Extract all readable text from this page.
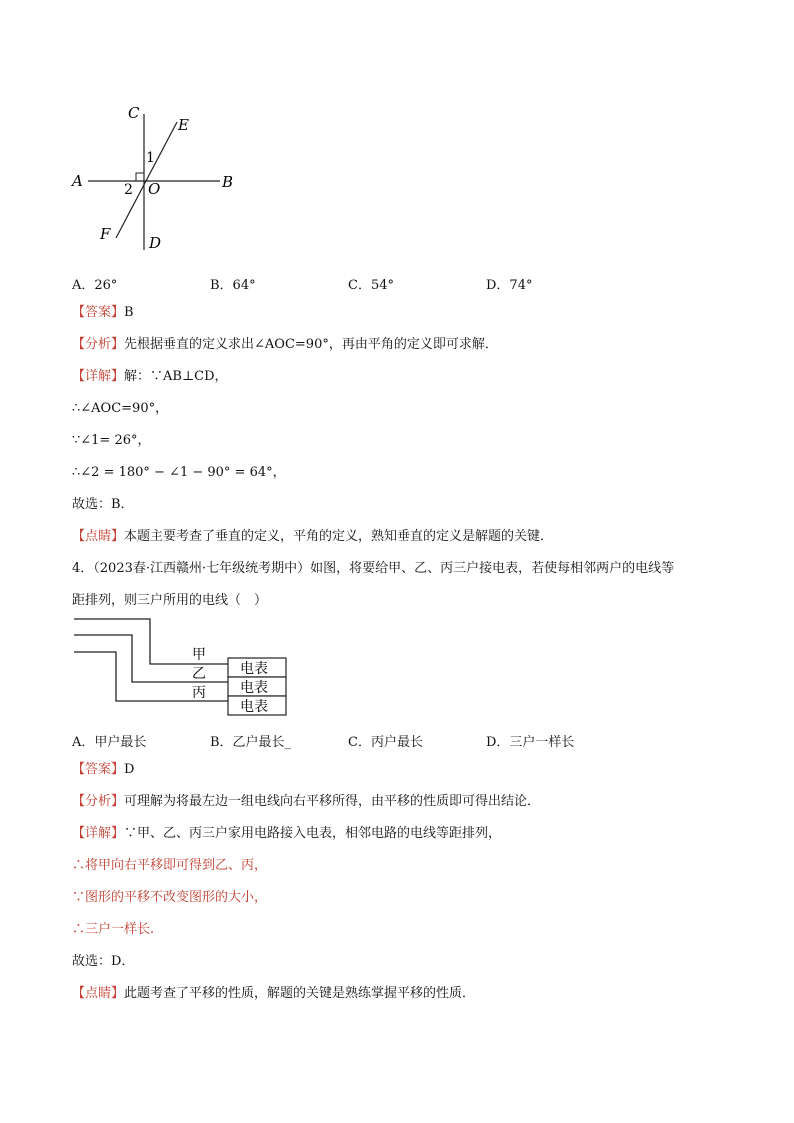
C
E
1
A	B
2 O
F	D
A．26°	B．64°	C．54°	D．74°
【答案】B
【分析】先根据垂直的定义求出∠AOC=90°，再由平角的定义即可求解．
【详解】解：∵AB⊥CD，
∴∠AOC=90°，
∵∠1= 26°，
∴∠2 = 180° − ∠1 − 90° = 64°，
故选：B．
【点睛】本题主要考查了垂直的定义，平角的定义，熟知垂直的定义是解题的关键．
4．（2023春·江西赣州·七年级统考期中）如图，将要给甲、乙、丙三户接电表，若使每相邻两户的电线等
距排列，则三户所用的电线（　）
电表
电表
电表
甲
乙
丙
A．甲户最长	B．乙户最长_	C．丙户最长	D．三户一样长
【答案】D
【分析】可理解为将最左边一组电线向右平移所得，由平移的性质即可得出结论．
【详解】∵甲、乙、丙三户家用电路接入电表，相邻电路的电线等距排列，
∴将甲向右平移即可得到乙、丙，
∵图形的平移不改变图形的大小，
∴三户一样长.
故选：D．
【点睛】此题考查了平移的性质，解题的关键是熟练掌握平移的性质．
